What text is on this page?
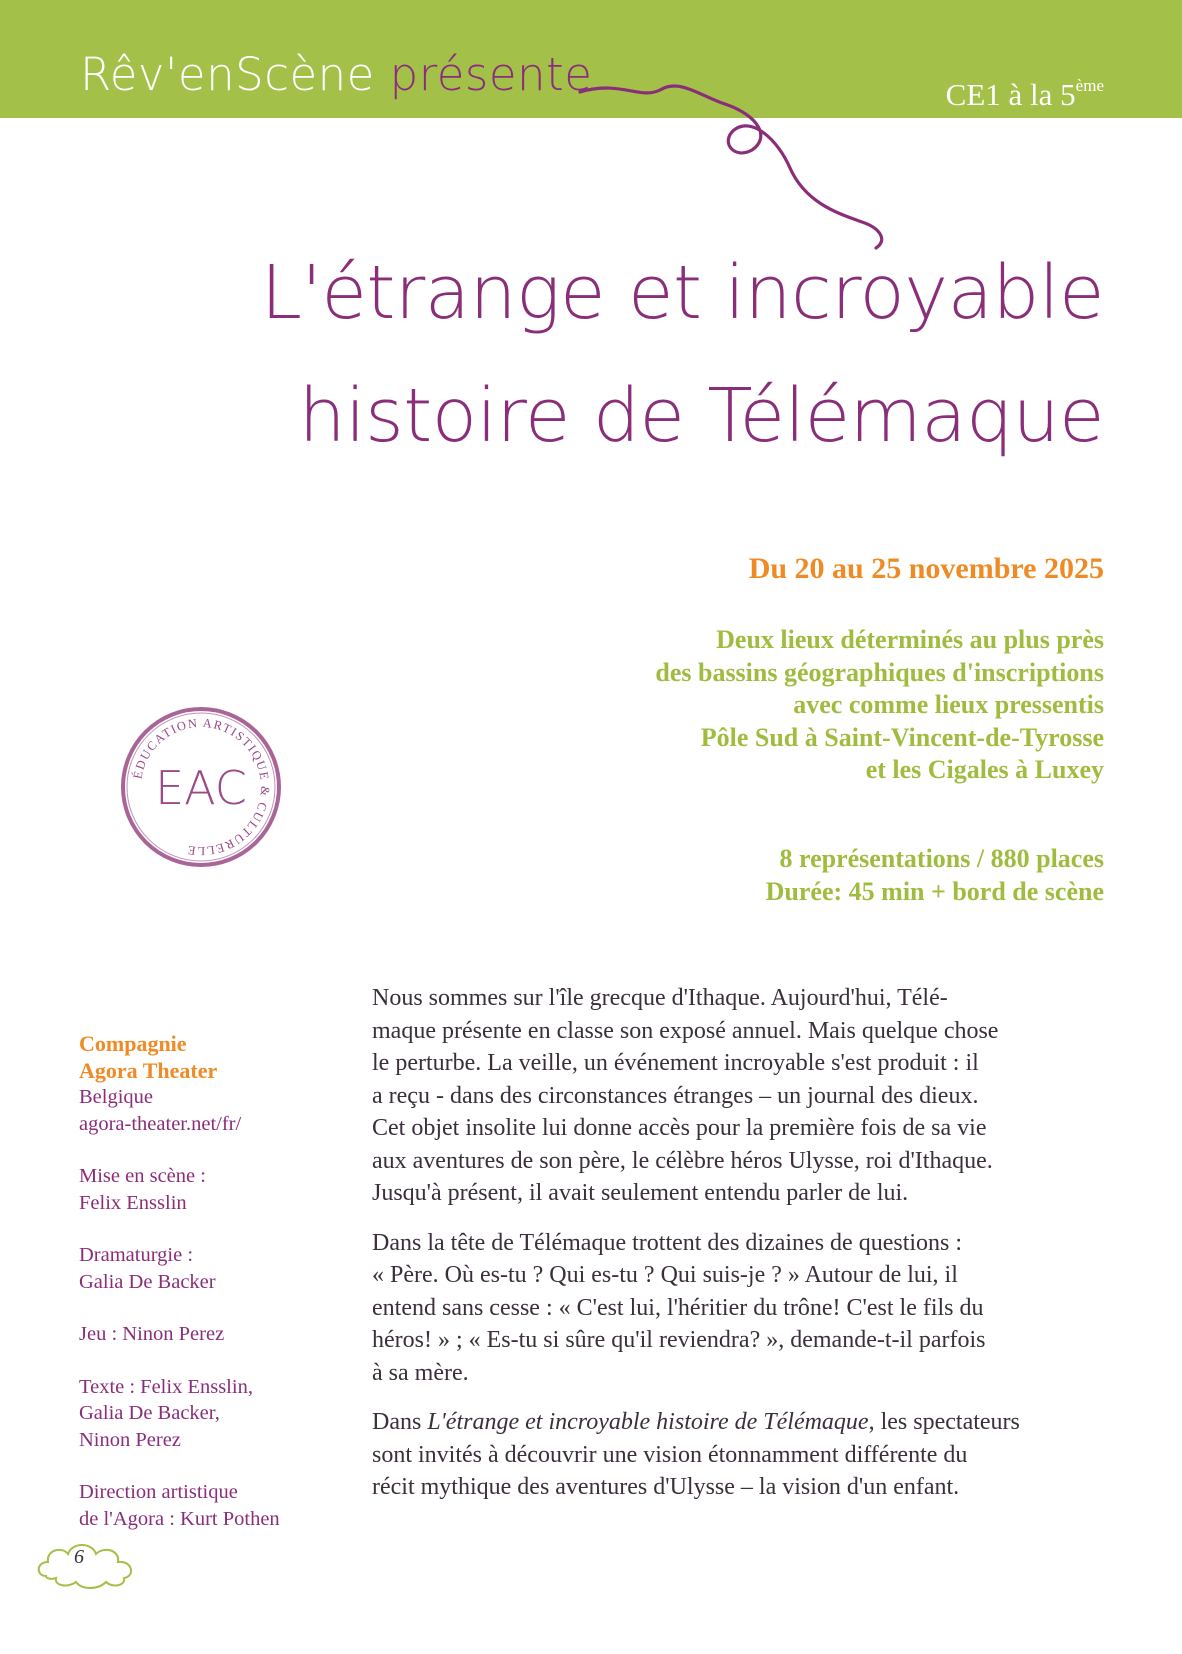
Rêv'enScène présente	CE1 à la 5ème
L'étrange et incroyable
histoire de Télémaque
Du 20 au 25 novembre 2025
Deux lieux déterminés au plus près
des bassins géographiques d'inscriptions
avec comme lieux pressentis
Pôle Sud à Saint-Vincent-de-Tyrosse
et les Cigales à Luxey
8 représentations / 880 places
Durée: 45 min + bord de scène
ÉDUCATION ARTISTIQUE & CULTURELLE
EAC
Compagnie
Agora Theater
Belgique
agora-theater.net/fr/
Mise en scène :
Felix Ensslin
Dramaturgie :
Galia De Backer
Jeu : Ninon Perez
Texte : Felix Ensslin,
Galia De Backer,
Ninon Perez
Direction artistique
de l'Agora : Kurt Pothen

Nous sommes sur l'île grecque d'Ithaque. Aujourd'hui, Télé-
maque présente en classe son exposé annuel. Mais quelque chose
le perturbe. La veille, un événement incroyable s'est produit : il
a reçu - dans des circonstances étranges – un journal des dieux.
Cet objet insolite lui donne accès pour la première fois de sa vie
aux aventures de son père, le célèbre héros Ulysse, roi d'Ithaque.
Jusqu'à présent, il avait seulement entendu parler de lui.

Dans la tête de Télémaque trottent des dizaines de questions :
« Père. Où es-tu ? Qui es-tu ? Qui suis-je ? » Autour de lui, il
entend sans cesse : « C'est lui, l'héritier du trône! C'est le fils du
héros! » ; « Es-tu si sûre qu'il reviendra? », demande-t-il parfois
à sa mère.

Dans L'étrange et incroyable histoire de Télémaque, les spectateurs
sont invités à découvrir une vision étonnamment différente du
récit mythique des aventures d'Ulysse – la vision d'un enfant.

6
